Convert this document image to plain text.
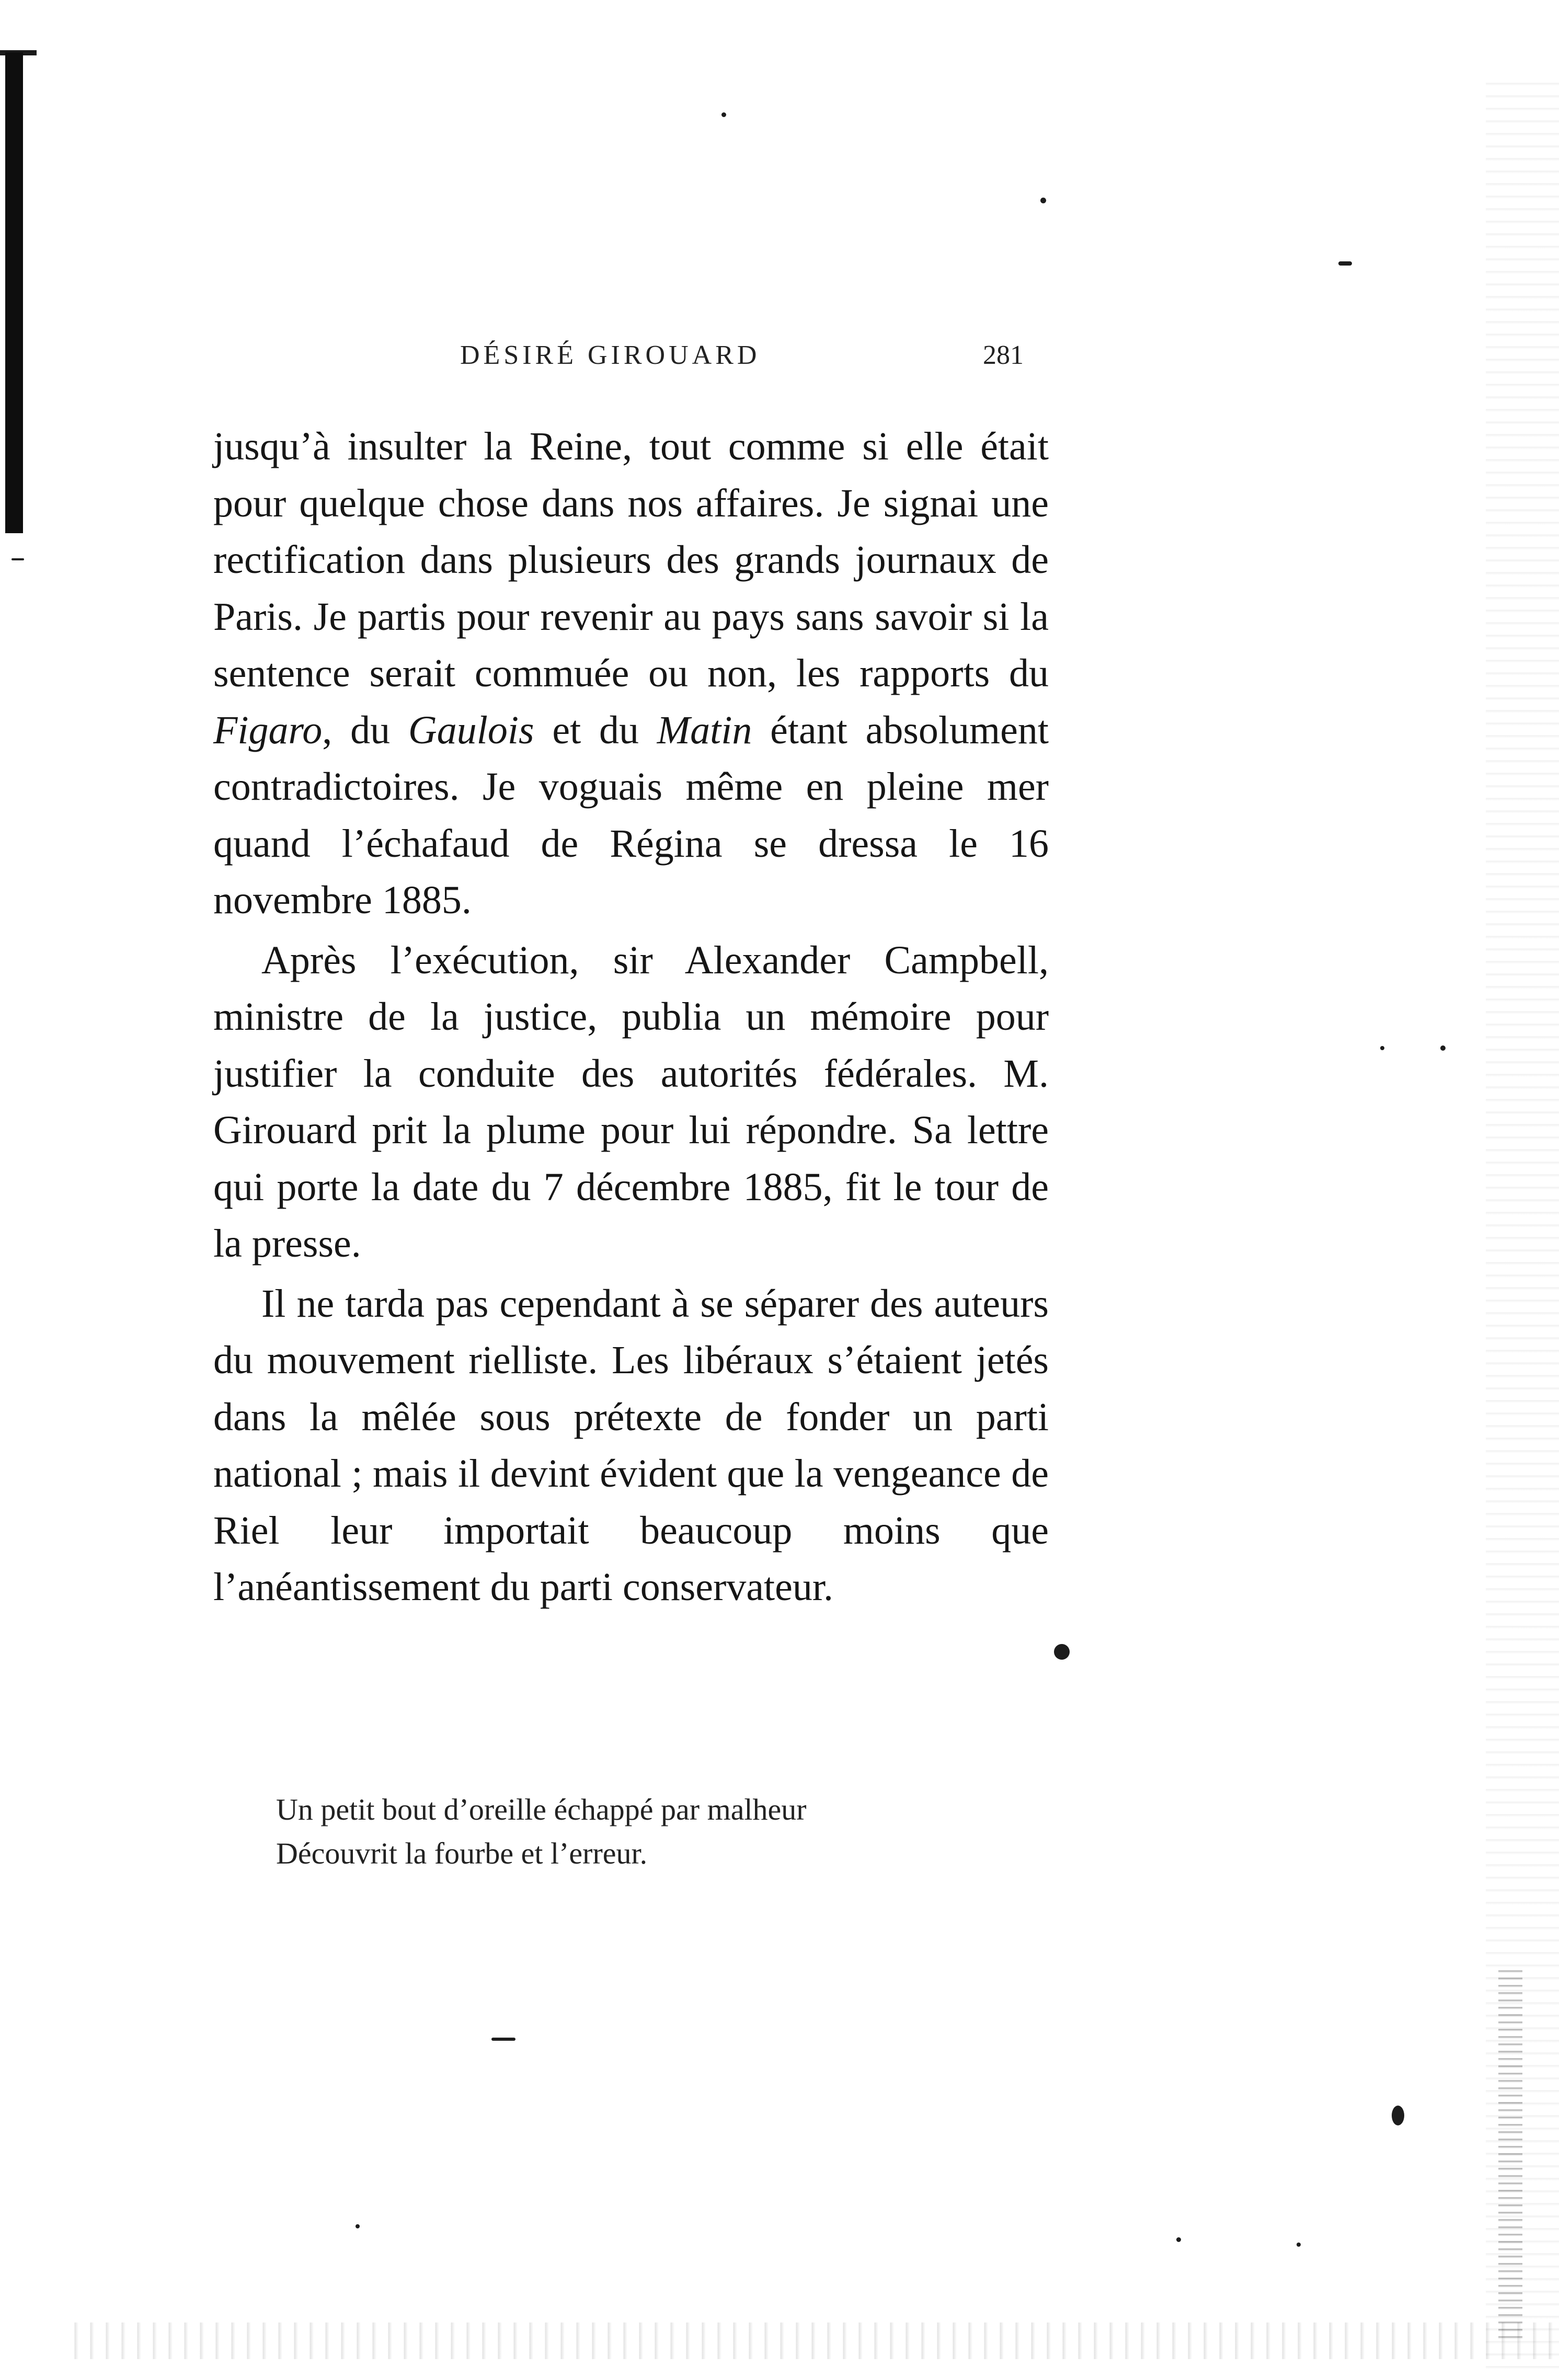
DÉSIRÉ GIROUARD	281

jusqu’à insulter la Reine, tout comme si elle était pour quelque chose dans nos affaires. Je signai une rectification dans plusieurs des grands journaux de Paris. Je partis pour revenir au pays sans savoir si la sentence serait commuée ou non, les rapports du Figaro, du Gaulois et du Matin étant absolument contradictoires. Je voguais même en pleine mer quand l’échafaud de Régina se dressa le 16 novembre 1885.

Après l’exécution, sir Alexander Campbell, ministre de la justice, publia un mémoire pour justifier la conduite des autorités fédérales. M. Girouard prit la plume pour lui répondre. Sa lettre qui porte la date du 7 décembre 1885, fit le tour de la presse.

Il ne tarda pas cependant à se séparer des auteurs du mouvement rielliste. Les libéraux s’étaient jetés dans la mêlée sous prétexte de fonder un parti national ; mais il devint évident que la vengeance de Riel leur importait beaucoup moins que l’anéantissement du parti conservateur.

Un petit bout d’oreille échappé par malheur
Découvrit la fourbe et l’erreur.
